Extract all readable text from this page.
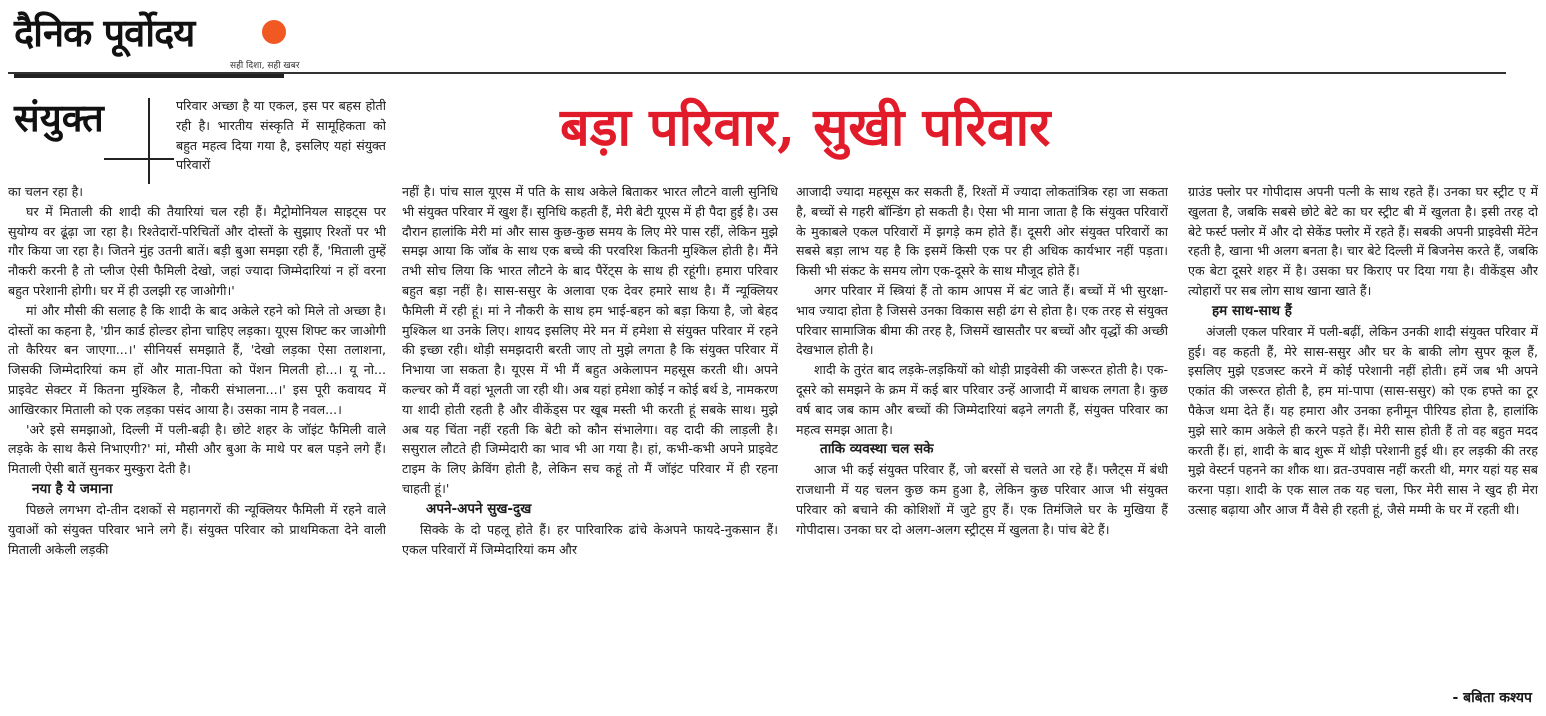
दैनिक पूर्वोदय
सही दिशा, सही खबर
संयुक्त	बड़ा परिवार, सुखी परिवार

परिवार अच्छा है या एकल, इस पर बहस होती रही है। भारतीय संस्कृति में सामूहिकता को बहुत महत्व दिया गया है, इसलिए यहां संयुक्त परिवारों

का चलन रहा है।

घर में मिताली की शादी की तैयारियां चल रही हैं। मैट्रोमोनियल साइट्स पर सुयोग्य वर ढूंढ़ा जा रहा है। रिश्तेदारों-परिचितों और दोस्तों के सुझाए रिश्तों पर भी गौर किया जा रहा है। जितने मुंह उतनी बातें। बड़ी बुआ समझा रही हैं, 'मिताली तुम्हें नौकरी करनी है तो प्लीज ऐसी फैमिली देखो, जहां ज्यादा जिम्मेदारियां न हों वरना बहुत परेशानी होगी। घर में ही उलझी रह जाओगी।'

मां और मौसी की सलाह है कि शादी के बाद अकेले रहने को मिले तो अच्छा है। दोस्तों का कहना है, 'ग्रीन कार्ड होल्डर होना चाहिए लड़का। यूएस शिफ्ट कर जाओगी तो कैरियर बन जाएगा...।' सीनियर्स समझाते हैं, 'देखो लड़का ऐसा तलाशना, जिसकी जिम्मेदारियां कम हों और माता-पिता को पेंशन मिलती हो...। यू नो... प्राइवेट सेक्टर में कितना मुश्किल है, नौकरी संभालना...।' इस पूरी कवायद में आखिरकार मिताली को एक लड़का पसंद आया है। उसका नाम है नवल...।

'अरे इसे समझाओ, दिल्ली में पली-बढ़ी है। छोटे शहर के जॉइंट फैमिली वाले लड़के के साथ कैसे निभाएगी?' मां, मौसी और बुआ के माथे पर बल पड़ने लगे हैं। मिताली ऐसी बातें सुनकर मुस्कुरा देती है।

नया है ये जमाना

पिछले लगभग दो-तीन दशकों से महानगरों की न्यूक्लियर फैमिली में रहने वाले युवाओं को संयुक्त परिवार भाने लगे हैं। संयुक्त परिवार को प्राथमिकता देने वाली मिताली अकेली लड़की

नहीं है। पांच साल यूएस में पति के साथ अकेले बिताकर भारत लौटने वाली सुनिधि भी संयुक्त परिवार में खुश हैं। सुनिधि कहती हैं, मेरी बेटी यूएस में ही पैदा हुई है। उस दौरान हालांकि मेरी मां और सास कुछ-कुछ समय के लिए मेरे पास रहीं, लेकिन मुझे समझ आया कि जॉब के साथ एक बच्चे की परवरिश कितनी मुश्किल होती है। मैंने तभी सोच लिया कि भारत लौटने के बाद पैरेंट्स के साथ ही रहूंगी। हमारा परिवार बहुत बड़ा नहीं है। सास-ससुर के अलावा एक देवर हमारे साथ है। मैं न्यूक्लियर फैमिली में रही हूं। मां ने नौकरी के साथ हम भाई-बहन को बड़ा किया है, जो बेहद मुश्किल था उनके लिए। शायद इसलिए मेरे मन में हमेशा से संयुक्त परिवार में रहने की इच्छा रही। थोड़ी समझदारी बरती जाए तो मुझे लगता है कि संयुक्त परिवार में निभाया जा सकता है। यूएस में भी मैं बहुत अकेलापन महसूस करती थी। अपने कल्चर को मैं वहां भूलती जा रही थी। अब यहां हमेशा कोई न कोई बर्थ डे, नामकरण या शादी होती रहती है और वीकेंड्स पर खूब मस्ती भी करती हूं सबके साथ। मुझे अब यह चिंता नहीं रहती कि बेटी को कौन संभालेगा। वह दादी की लाड़ली है। ससुराल लौटते ही जिम्मेदारी का भाव भी आ गया है। हां, कभी-कभी अपने प्राइवेट टाइम के लिए क्रेविंग होती है, लेकिन सच कहूं तो मैं जॉइंट परिवार में ही रहना चाहती हूं।'

अपने-अपने सुख-दुख

सिक्के के दो पहलू होते हैं। हर पारिवारिक ढांचे केअपने फायदे-नुकसान हैं। एकल परिवारों में जिम्मेदारियां कम और

आजादी ज्यादा महसूस कर सकती हैं, रिश्तों में ज्यादा लोकतांत्रिक रहा जा सकता है, बच्चों से गहरी बॉन्डिंग हो सकती है। ऐसा भी माना जाता है कि संयुक्त परिवारों के मुकाबले एकल परिवारों में झगड़े कम होते हैं। दूसरी ओर संयुक्त परिवारों का सबसे बड़ा लाभ यह है कि इसमें किसी एक पर ही अधिक कार्यभार नहीं पड़ता। किसी भी संकट के समय लोग एक-दूसरे के साथ मौजूद होते हैं।

अगर परिवार में स्त्रियां हैं तो काम आपस में बंट जाते हैं। बच्चों में भी सुरक्षा-भाव ज्यादा होता है जिससे उनका विकास सही ढंग से होता है। एक तरह से संयुक्त परिवार सामाजिक बीमा की तरह है, जिसमें खासतौर पर बच्चों और वृद्धों की अच्छी देखभाल होती है।

शादी के तुरंत बाद लड़के-लड़कियों को थोड़ी प्राइवेसी की जरूरत होती है। एक-दूसरे को समझने के क्रम में कई बार परिवार उन्हें आजादी में बाधक लगता है। कुछ वर्ष बाद जब काम और बच्चों की जिम्मेदारियां बढ़ने लगती हैं, संयुक्त परिवार का महत्व समझ आता है।

ताकि व्यवस्था चल सके

आज भी कई संयुक्त परिवार हैं, जो बरसों से चलते आ रहे हैं। फ्लैट्स में बंधी राजधानी में यह चलन कुछ कम हुआ है, लेकिन कुछ परिवार आज भी संयुक्त परिवार को बचाने की कोशिशों में जुटे हुए हैं। एक तिमंजिले घर के मुखिया हैं गोपीदास। उनका घर दो अलग-अलग स्ट्रीट्स में खुलता है। पांच बेटे हैं।

ग्राउंड फ्लोर पर गोपीदास अपनी पत्नी के साथ रहते हैं। उनका घर स्ट्रीट ए में खुलता है, जबकि सबसे छोटे बेटे का घर स्ट्रीट बी में खुलता है। इसी तरह दो बेटे फर्स्ट फ्लोर में और दो सेकेंड फ्लोर में रहते हैं। सबकी अपनी प्राइवेसी मेंटेन रहती है, खाना भी अलग बनता है। चार बेटे दिल्ली में बिजनेस करते हैं, जबकि एक बेटा दूसरे शहर में है। उसका घर किराए पर दिया गया है। वीकेंड्स और त्योहारों पर सब लोग साथ खाना खाते हैं।

हम साथ-साथ हैं

अंजली एकल परिवार में पली-बढ़ीं, लेकिन उनकी शादी संयुक्त परिवार में हुई। वह कहती हैं, मेरे सास-ससुर और घर के बाकी लोग सुपर कूल हैं, इसलिए मुझे एडजस्ट करने में कोई परेशानी नहीं होती। हमें जब भी अपने एकांत की जरूरत होती है, हम मां-पापा (सास-ससुर) को एक हफ्ते का टूर पैकेज थमा देते हैं। यह हमारा और उनका हनीमून पीरियड होता है, हालांकि मुझे सारे काम अकेले ही करने पड़ते हैं। मेरी सास होती हैं तो वह बहुत मदद करती हैं। हां, शादी के बाद शुरू में थोड़ी परेशानी हुई थी। हर लड़की की तरह मुझे वेस्टर्न पहनने का शौक था। व्रत-उपवास नहीं करती थी, मगर यहां यह सब करना पड़ा। शादी के एक साल तक यह चला, फिर मेरी सास ने खुद ही मेरा उत्साह बढ़ाया और आज मैं वैसे ही रहती हूं, जैसे मम्मी के घर में रहती थी।

- बबिता कश्यप
